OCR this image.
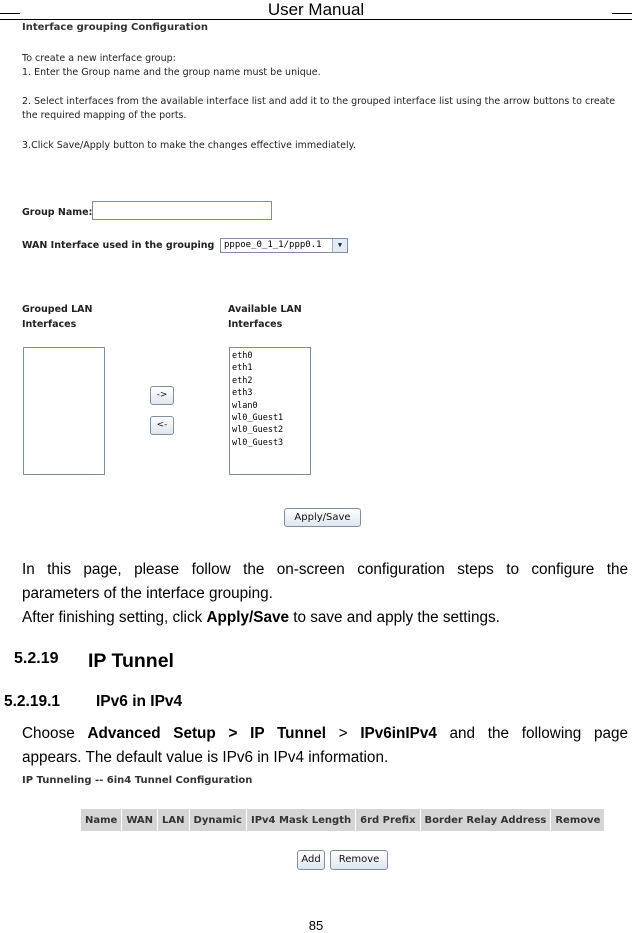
User Manual
Interface grouping Configuration
To create a new interface group:
1. Enter the Group name and the group name must be unique.
2. Select interfaces from the available interface list and add it to the grouped interface list using the arrow buttons to create
the required mapping of the ports.
3.Click Save/Apply button to make the changes effective immediately.
Group Name:
WAN Interface used in the grouping	pppoe_0_1_1/ppp0.1	▼
Grouped LAN
Interfaces
Available LAN
Interfaces
->
<-
eth0
eth1
eth2
eth3
wlan0
wl0_Guest1
wl0_Guest2
wl0_Guest3
Apply/Save
In this page, please follow the on-screen configuration steps to configure the
parameters of the interface grouping.
After finishing setting, click Apply/Save to save and apply the settings.
5.2.19 IP Tunnel
5.2.19.1 IPv6 in IPv4
Choose Advanced Setup > IP Tunnel > IPv6inIPv4 and the following page
appears. The default value is IPv6 in IPv4 information.
IP Tunneling -- 6in4 Tunnel Configuration
Name	WAN	LAN	Dynamic	IPv4 Mask Length	6rd Prefix	Border Relay Address	Remove
Add	Remove
85
